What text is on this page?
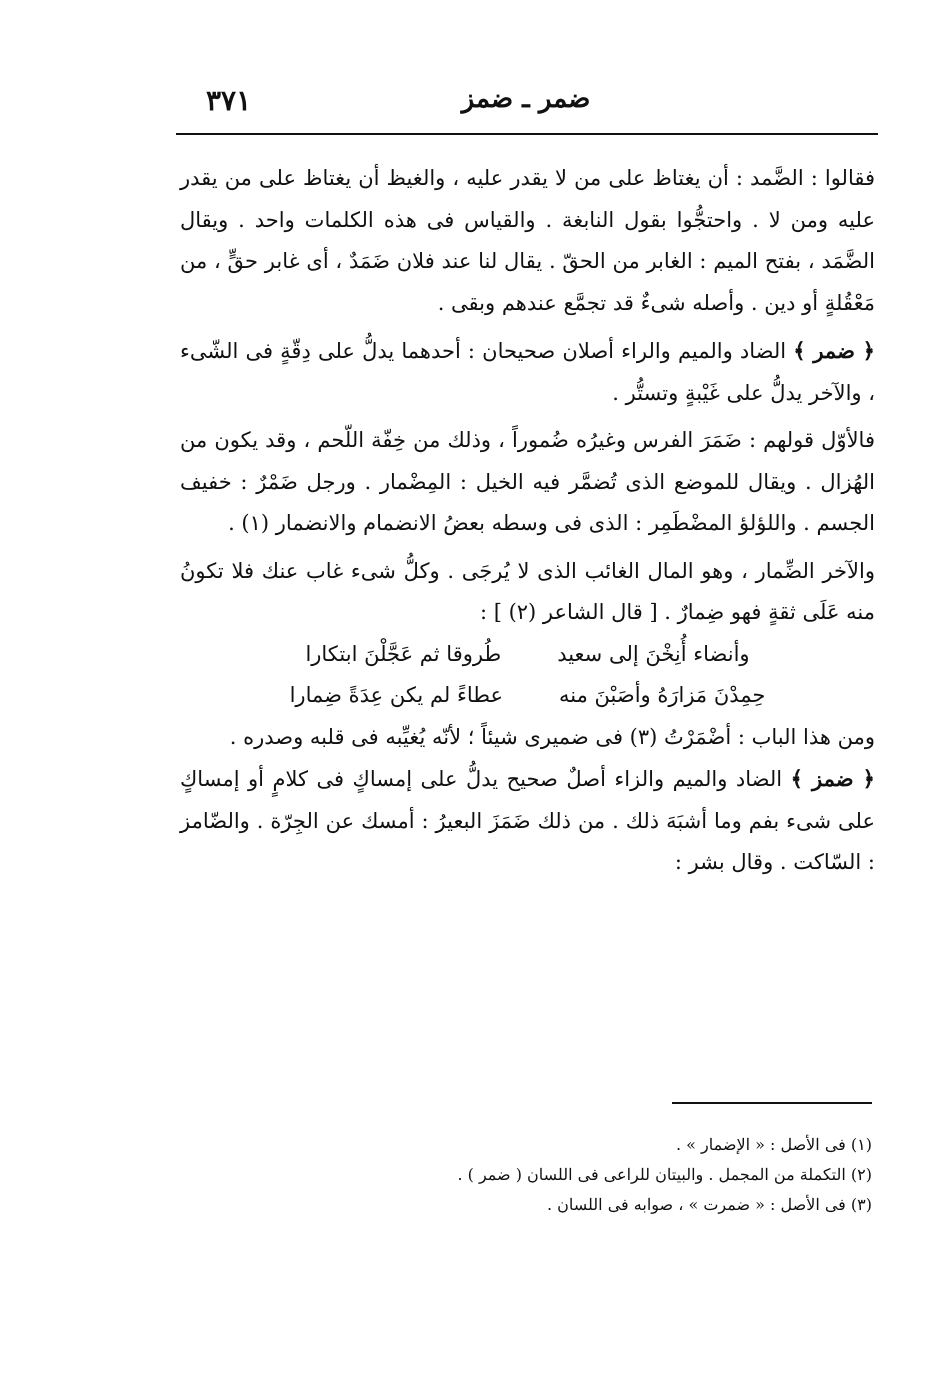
٣٧١	ضمر ـ ضمز

فقالوا : الضَّمد : أن يغتاظ على من لا يقدر عليه ، والغيظ أن يغتاظ على من يقدر عليه ومن لا . واحتجُّوا بقول النابغة . والقياس فى هذه الكلمات واحد . ويقال الضَّمَد ، بفتح الميم : الغابر من الحقّ . يقال لنا عند فلان ضَمَدٌ ، أى غابر حقٍّ ، من مَعْقُلةٍ أو دين . وأصله شىءٌ قد تجمَّع عندهم وبقى .

﴿ ضمر ﴾ الضاد والميم والراء أصلان صحيحان : أحدهما يدلُّ على دِقّةٍ فى الشّىء ، والآخر يدلُّ على غَيْبةٍ وتستُّر .

فالأوّل قولهم : ضَمَرَ الفرس وغيرُه ضُموراً ، وذلك من خِفّة اللّحم ، وقد يكون من الهُزال . ويقال للموضع الذى تُضمَّر فيه الخيل : المِضْمار . ورجل ضَمْرٌ : خفيف الجسم . واللؤلؤ المضْطَمِر : الذى فى وسطه بعضُ الانضمام والانضمار (١) .

والآخر الضِّمار ، وهو المال الغائب الذى لا يُرجَى . وكلُّ شىء غاب عنك فلا تكونُ منه عَلَى ثقةٍ فهو ضِمارٌ . [ قال الشاعر (٢) ] :

وأنضاء أُنِخْنَ إلى سعيد
طُروقا ثم عَجَّلْنَ ابتكارا

حِمِدْنَ مَزارَهُ وأصَبْنَ منه
عطاءً لم يكن عِدَةً ضِمارا

ومن هذا الباب : أضْمَرْتُ (٣) فى ضميرى شيئاً ؛ لأنّه يُغيِّبه فى قلبه وصدره .

﴿ ضمز ﴾ الضاد والميم والزاء أصلٌ صحيح يدلُّ على إمساكٍ فى كلامٍ أو إمساكٍ على شىء بفم وما أشبَهَ ذلك . من ذلك ضَمَزَ البعيرُ : أمسك عن الجِرّة . والضّامز : السّاكت . وقال بشر :

(١) فى الأصل : « الإضمار » .

(٢) التكملة من المجمل . والبيتان للراعى فى اللسان ( ضمر ) .

(٣) فى الأصل : « ضمرت » ، صوابه فى اللسان .
